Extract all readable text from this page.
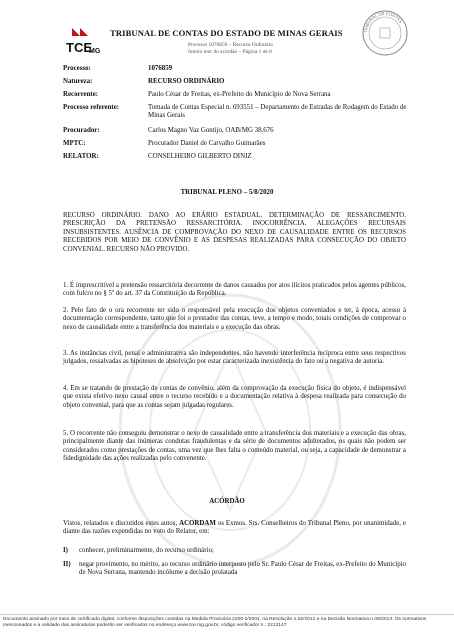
TCE
MG
TRIBUNAL DE CONTAS DO ESTADO DE MINAS GERAIS
Processo 1076859 – Recurso Ordinário
Inteiro teor do acórdão – Página 1 de 8
TRIBUNAL DE CONTAS
Processo:	1076859
Natureza:	RECURSO ORDINÁRIO
Recorrente:	Paulo César de Freitas, ex-Prefeito do Município de Nova Serrana
Processo referente:	Tomada de Contas Especial n. 693551 – Departamento de Estradas de Rodagem do Estado de Minas Gerais
Procurador:	Carlos Magno Vaz Gontijo, OAB/MG 38.676
MPTC:	Procurador Daniel de Carvalho Guimarães
RELATOR:	CONSELHEIRO GILBERTO DINIZ
TRIBUNAL PLENO – 5/8/2020
RECURSO ORDINÁRIO. DANO AO ERÁRIO ESTADUAL. DETERMINAÇÃO DE RESSARCIMENTO. PRESCRIÇÃO DA PRETENSÃO RESSARCITÓRIA. INOCORRÊNCIA. ALEGAÇÕES RECURSAIS INSUBSISTENTES. AUSÊNCIA DE COMPROVAÇÃO DO NEXO DE CAUSALIDADE ENTRE OS RECURSOS RECEBIDOS POR MEIO DE CONVÊNIO E AS DESPESAS REALIZADAS PARA CONSECUÇÃO DO OBJETO CONVENIAL. RECURSO NÃO PROVIDO.
1. É imprescritível a pretensão ressarcitória decorrente de danos causados por atos ilícitos praticados pelos agentes públicos, com fulcro no § 5º do art. 37 da Constituição da República.
2. Pelo fato de o ora recorrente ter sido o responsável pela execução dos objetos conveniados e ter, à época, acesso à documentação correspondente, tanto que foi o prestador das contas, teve, a tempo e modo, totais condições de comprovar o nexo de causalidade entre a transferência dos materiais e a execução das obras.
3. As instâncias civil, penal e administrativa são independentes, não havendo interferência recíproca entre seus respectivos julgados, ressalvadas as hipóteses de absolvição por estar caracterizada inexistência do fato ou a negativa de autoria.
4. Em se tratando de prestação de contas de convênio, além da comprovação da execução física do objeto, é indispensável que exista efetivo nexo causal entre o recurso recebido e a documentação relativa à despesa realizada para consecução do objeto convenial, para que as contas sejam julgadas regulares.
5. O recorrente não conseguiu demonstrar o nexo de causalidade entre a transferência dos materiais e a execução das obras, principalmente diante das inúmeras condutas fraudulentas e da série de documentos adulterados, os quais não podem ser considerados como prestações de contas, uma vez que lhes falta o conteúdo material, ou seja, a capacidade de demonstrar a fidedignidade das ações realizadas pelo convenente.
ACÓRDÃO
Vistos, relatados e discutidos estes autos, ACORDAM os Exmos. Srs. Conselheiros do Tribunal Pleno, por unanimidade, e diante das razões expendidas no voto do Relator, em:
I) conhecer, preliminarmente, do recurso ordinário;
II) negar provimento, no mérito, ao recurso ordinário interposto pelo Sr. Paulo César de Freitas, ex-Prefeito do Município de Nova Serrana, mantendo incólume a decisão prolatada
Documento assinado por meio de certificado digital, conforme disposições contidas na Medida Provisória 2200-2/2001, na Resolução n.02/2012 e na Decisão Normativa n.05/2013. Os normativos mencionados e a validade das assinaturas poderão ser verificados no endereço www.tce.mg.gov.br, código verificador n.: 2212147
